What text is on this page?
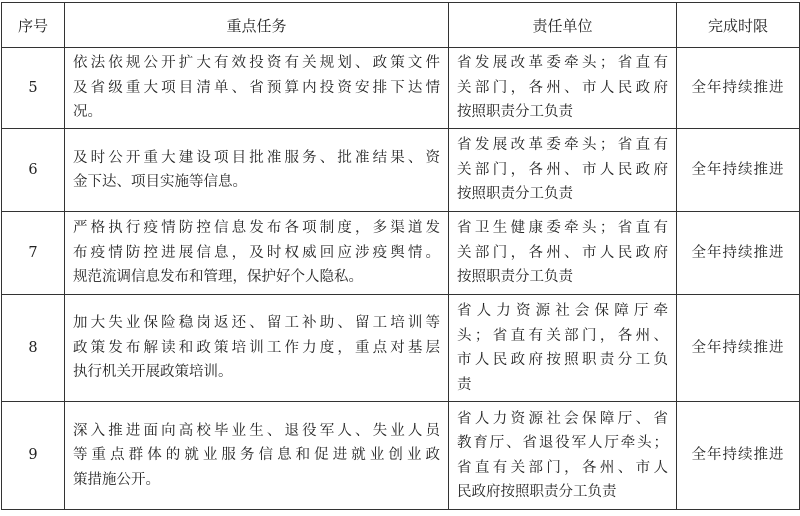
序号	重点任务	责任单位	完成时限
5	依法依规公开扩大有效投资有关规划、政策文件
及省级重大项目清单、省预算内投资安排下达情
况。	省发展改革委牵头；省直有
关部门，各州、市人民政府
按照职责分工负责	全年持续推进
6	及时公开重大建设项目批准服务、批准结果、资
金下达、项目实施等信息。	省发展改革委牵头；省直有
关部门，各州、市人民政府
按照职责分工负责	全年持续推进
7	严格执行疫情防控信息发布各项制度，多渠道发
布疫情防控进展信息，及时权威回应涉疫舆情。
规范流调信息发布和管理，保护好个人隐私。	省卫生健康委牵头；省直有
关部门，各州、市人民政府
按照职责分工负责	全年持续推进
8	加大失业保险稳岗返还、留工补助、留工培训等
政策发布解读和政策培训工作力度，重点对基层
执行机关开展政策培训。	省人力资源社会保障厅牵
头；省直有关部门，各州、
市人民政府按照职责分工负
责	全年持续推进
9	深入推进面向高校毕业生、退役军人、失业人员
等重点群体的就业服务信息和促进就业创业政
策措施公开。	省人力资源社会保障厅、省
教育厅、省退役军人厅牵头；
省直有关部门，各州、市人
民政府按照职责分工负责	全年持续推进
